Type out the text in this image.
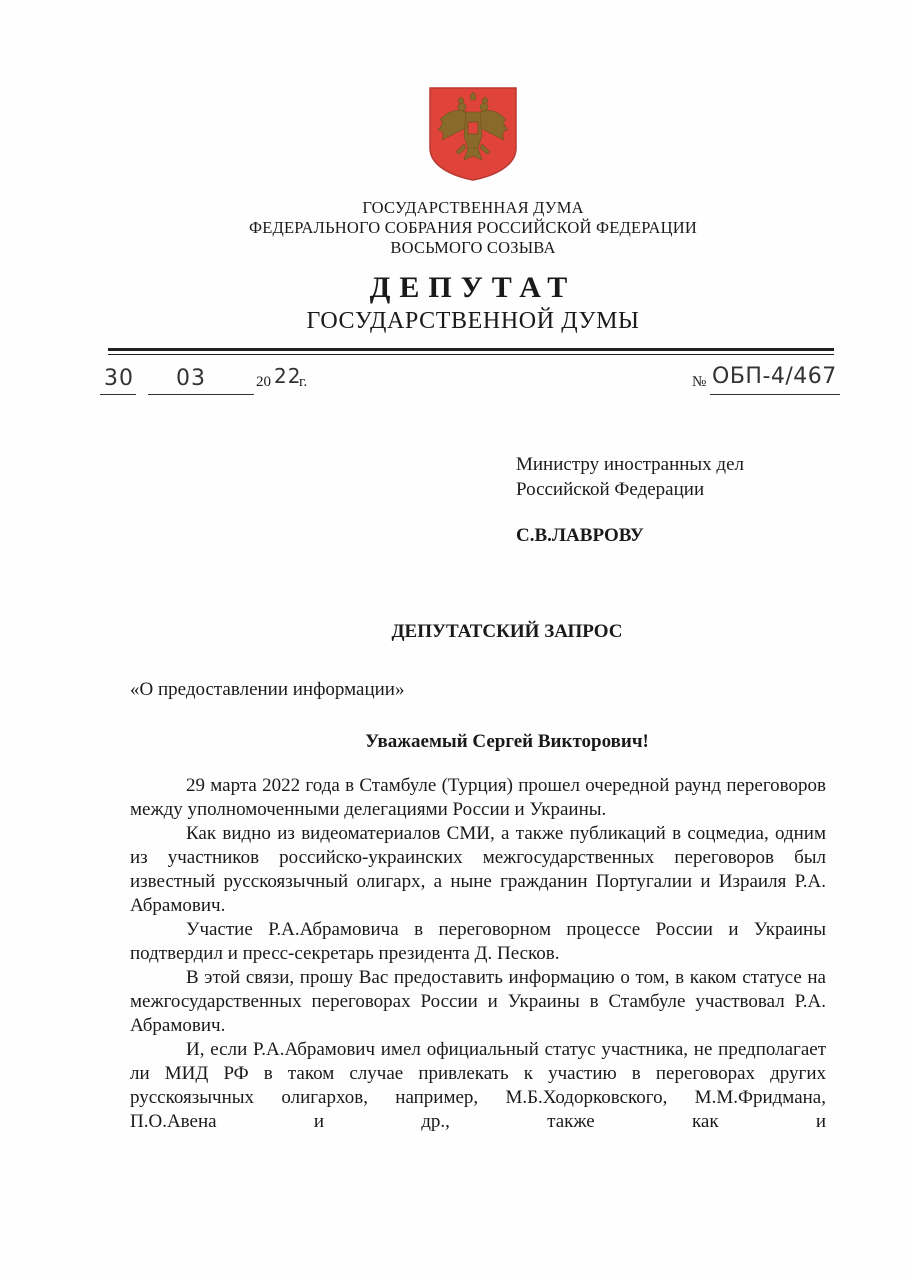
ГОСУДАРСТВЕННАЯ ДУМА
ФЕДЕРАЛЬНОГО СОБРАНИЯ РОССИЙСКОЙ ФЕДЕРАЦИИ
ВОСЬМОГО СОЗЫВА
ДЕПУТАТ
ГОСУДАРСТВЕННОЙ ДУМЫ
30 03	20 22
г.	№ ОБП-4/467
Министру иностранных дел
Российской Федерации
С.В.ЛАВРОВУ
ДЕПУТАТСКИЙ ЗАПРОС
«О предоставлении информации»
Уважаемый Сергей Викторович!

29 марта 2022 года в Стамбуле (Турция) прошел очередной раунд переговоров между уполномоченными делегациями России и Украины.

Как видно из видеоматериалов СМИ, а также публикаций в соцмедиа, одним из участников российско-украинских межгосударственных переговоров был известный русскоязычный олигарх, а ныне гражданин Португалии и Израиля Р.А. Абрамович.

Участие Р.А.Абрамовича в переговорном процессе России и Украины подтвердил и пресс-секретарь президента Д. Песков.

В этой связи, прошу Вас предоставить информацию о том, в каком статусе на межгосударственных переговорах России и Украины в Стамбуле участвовал Р.А. Абрамович.

И, если Р.А.Абрамович имел официальный статус участника, не предполагает ли МИД РФ в таком случае привлекать к участию в переговорах других русскоязычных олигархов, например, М.Б.Ходорковского, М.М.Фридмана, П.О.Авена и др., также как и
